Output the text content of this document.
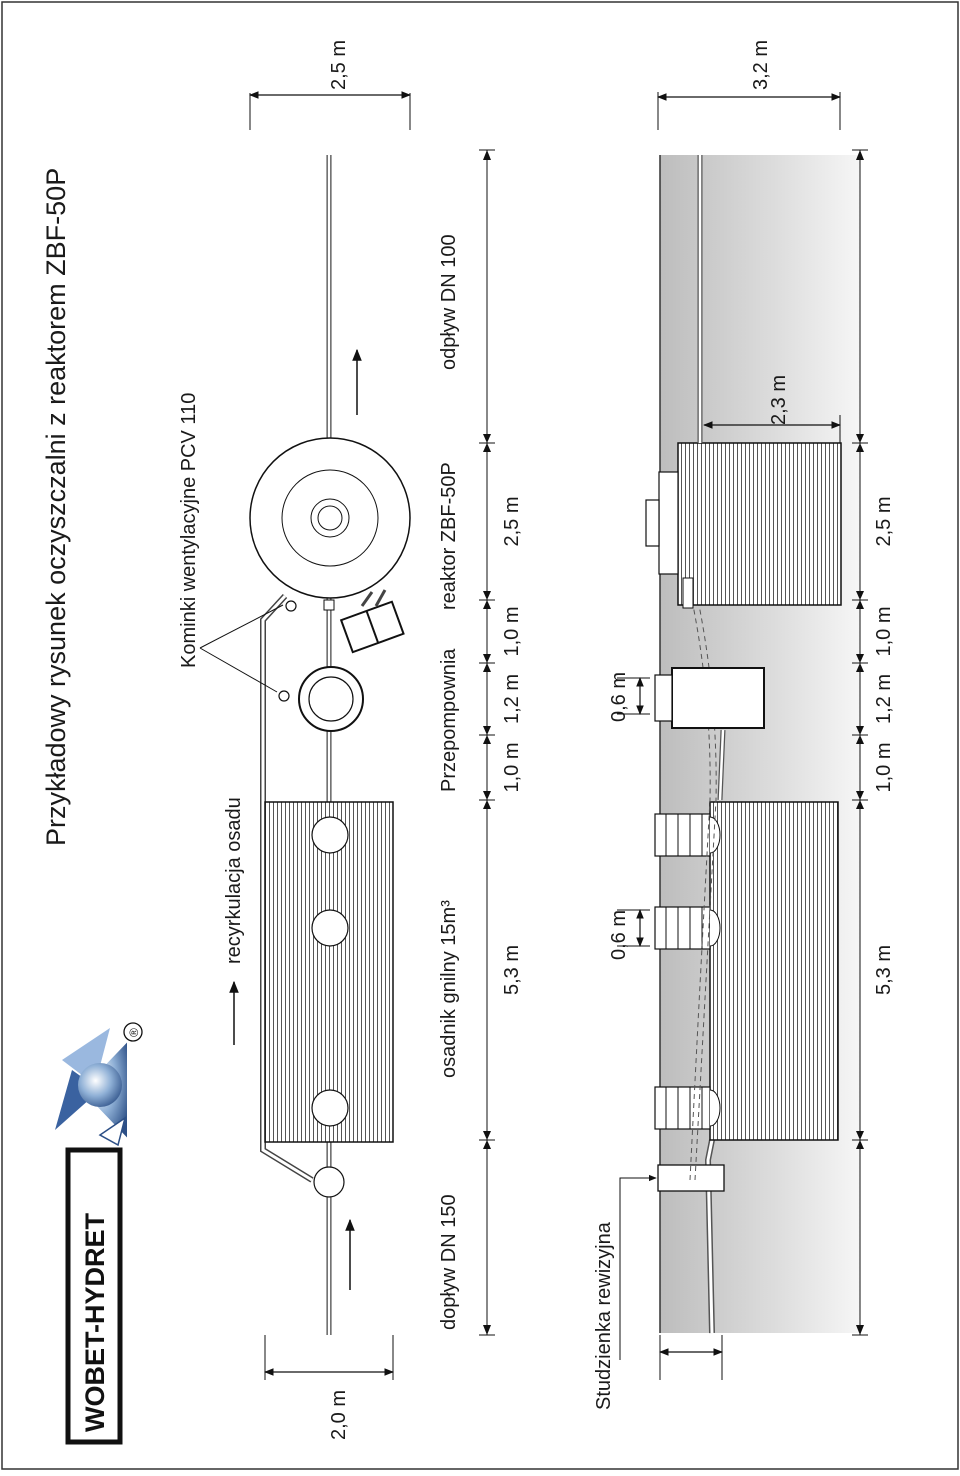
Przykładowy rysunek oczyszczalni z reaktorem ZBF-50P
WOBET-HYDRET
®
recyrkulacja osadu
Kominki wentylacyjne PCV 110
2,5 m
2,0 m
dopływ DN 150
osadnik gnilny 15m³
Przepompownia
reaktor ZBF-50P
odpływ DN 100
5,3 m
1,0 m
1,2 m
1,0 m
2,5 m
0,6 m
0,6 m
2,3 m
3,2 m
Studzienka rewizyjna
5,3 m
1,0 m
1,2 m
1,0 m
2,5 m
